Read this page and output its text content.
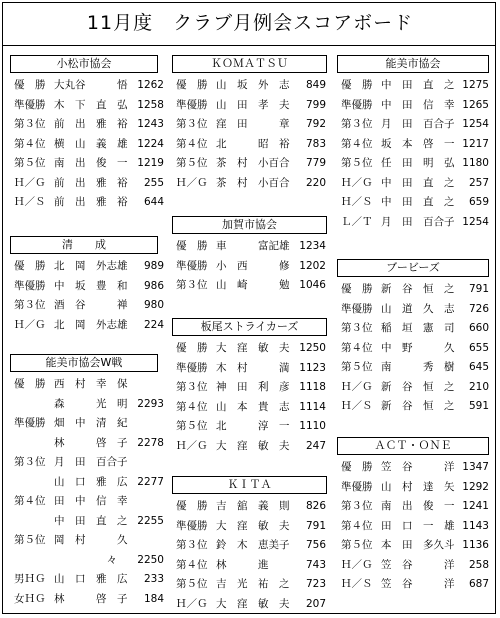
11月度　クラブ月例会スコアボード
小松市協会
優　勝 大丸谷　　　悟 1262
準優勝 木　下　直　弘 1258
第３位 前　出　雅　裕 1243
第４位 横　山　義　雄 1224
第５位 南　出　俊　一 1219
Ｈ／Ｇ 前　出　雅　裕 255
Ｈ／Ｓ 前　出　雅　裕 644
清　　成
優　勝 北　岡　外志雄 989
準優勝 中　坂　豊　和 986
第３位 酒　谷　　　禅 980
Ｈ／Ｇ 北　岡　外志雄 224
能美市協会W戦
優　勝 西　村　幸　保
森　　　光　明 2293
準優勝 畑　中　清　紀
林　　　啓　子 2278
第３位 月　田　百合子
山　口　雅　広 2277
第４位 田　中　信　幸
中　田　直　之 2255
第５位 岡　村　　　久
　　　　　々 2250
男ＨＧ 山　口　雅　広 233
女ＨＧ 林　　　啓　子 184
ＫＯＭＡＴＳＵ
優　勝 山　坂　外　志 849
準優勝 山　田　孝　夫 799
第３位 窪　田　　　章 792
第４位 北　　　昭　裕 783
第５位 茶　村　小百合 779
Ｈ／Ｇ 茶　村　小百合 220
加賀市協会
優　勝 車　　　富記雄 1234
準優勝 小　西　　　修 1202
第３位 山　崎　　　勉 1046
板尾ストライカーズ
優　勝 大　窪　敏　夫 1250
準優勝 木　村　　　満 1123
第３位 神　田　利　彦 1118
第４位 山　本　貴　志 1114
第５位 北　　　淳　一 1110
Ｈ／Ｇ 大　窪　敏　夫 247
ＫＩＴＡ
優　勝 吉　舘　義　則 826
準優勝 大　窪　敏　夫 791
第３位 鈴　木　恵美子 756
第４位 林　　　進	743
第５位 吉　光　祐　之 723
Ｈ／Ｇ 大　窪　敏　夫 207
能美市協会
優　勝 中　田　直　之 1275
準優勝 中　田　信　幸 1265
第３位 月　田　百合子 1254
第４位 坂　本　啓　一 1217
第５位 任　田　明　弘 1180
Ｈ／Ｇ 中　田　直　之 257
Ｈ／Ｓ 中　田　直　之 659
Ｌ／Ｔ 月　田　百合子 1254
ブービーズ
優　勝 新　谷　恒　之 791
準優勝 山　道　久　志 726
第３位 稲　垣　憲　司 660
第４位 中　野　　　久 655
第５位 南　　　秀　樹 645
Ｈ／Ｇ 新　谷　恒　之 210
Ｈ／Ｓ 新　谷　恒　之 591
ＡＣＴ・ＯＮＥ
優　勝 笠　谷　　　洋 1347
準優勝 山　村　達　矢 1292
第３位 南　出　俊　一 1241
第４位 田　口　一　雄 1143
第５位 本　田　多久斗 1136
Ｈ／Ｇ 笠　谷　　　洋 258
Ｈ／Ｓ 笠　谷　　　洋 687
